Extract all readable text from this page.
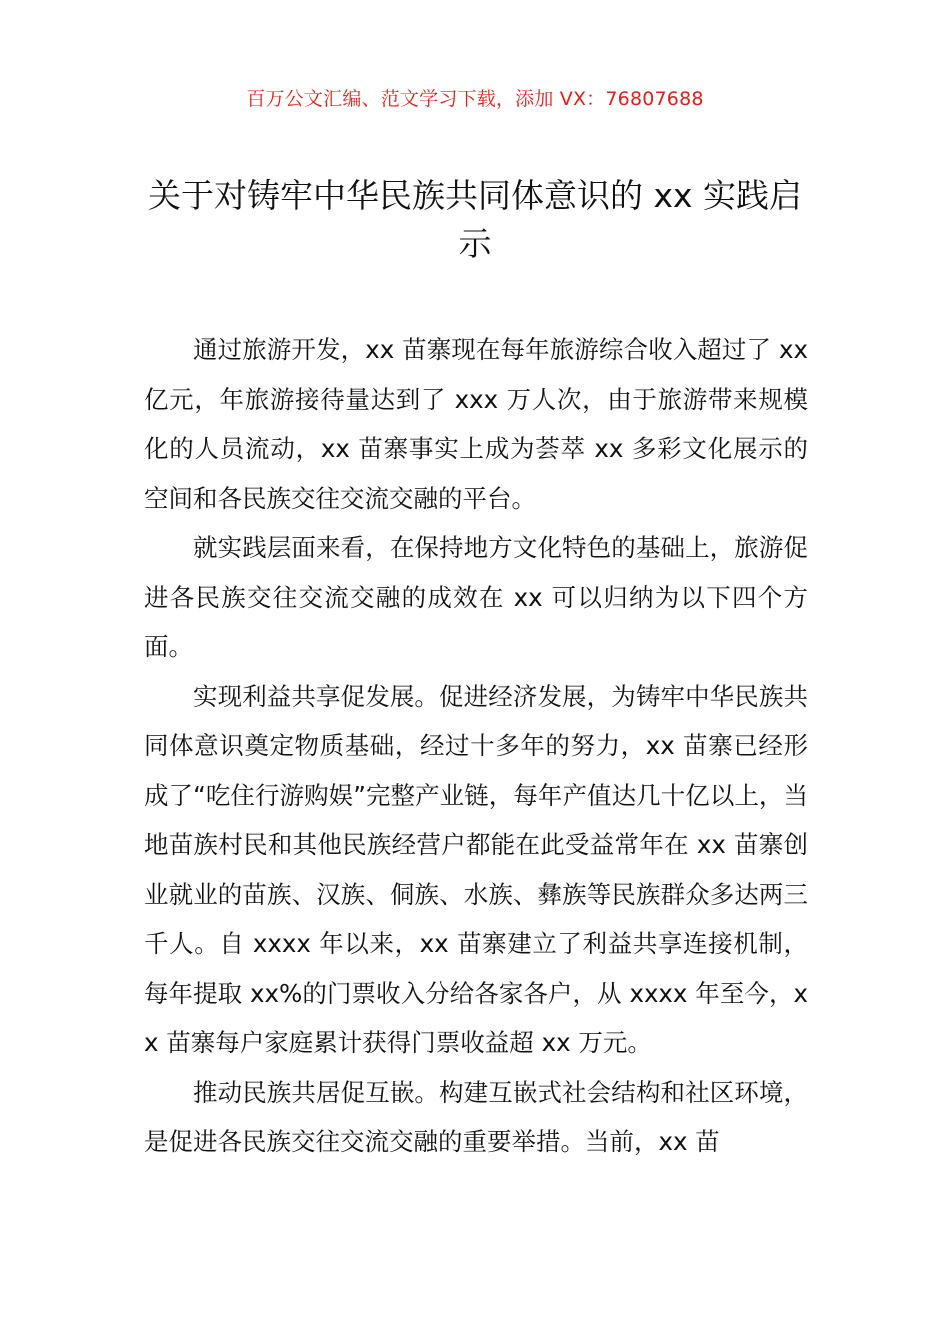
百万公文汇编、范文学习下载，添加 VX：76807688
关于对铸牢中华民族共同体意识的 xx 实践启示

通过旅游开发，xx 苗寨现在每年旅游综合收入超过了 xx 亿元，年旅游接待量达到了 xxx 万人次，由于旅游带来规模化的人员流动，xx 苗寨事实上成为荟萃 xx 多彩文化展示的空间和各民族交往交流交融的平台。

就实践层面来看，在保持地方文化特色的基础上，旅游促进各民族交往交流交融的成效在 xx 可以归纳为以下四个方面。

实现利益共享促发展。促进经济发展，为铸牢中华民族共同体意识奠定物质基础，经过十多年的努力，xx 苗寨已经形成了“吃住行游购娱”完整产业链，每年产值达几十亿以上，当地苗族村民和其他民族经营户都能在此受益常年在 xx 苗寨创业就业的苗族、汉族、侗族、水族、彝族等民族群众多达两三千人。自 xxxx 年以来，xx 苗寨建立了利益共享连接机制，每年提取 xx%的门票收入分给各家各户，从 xxxx 年至今，xx 苗寨每户家庭累计获得门票收益超 xx 万元。

推动民族共居促互嵌。构建互嵌式社会结构和社区环境，是促进各民族交往交流交融的重要举措。当前，xx 苗
